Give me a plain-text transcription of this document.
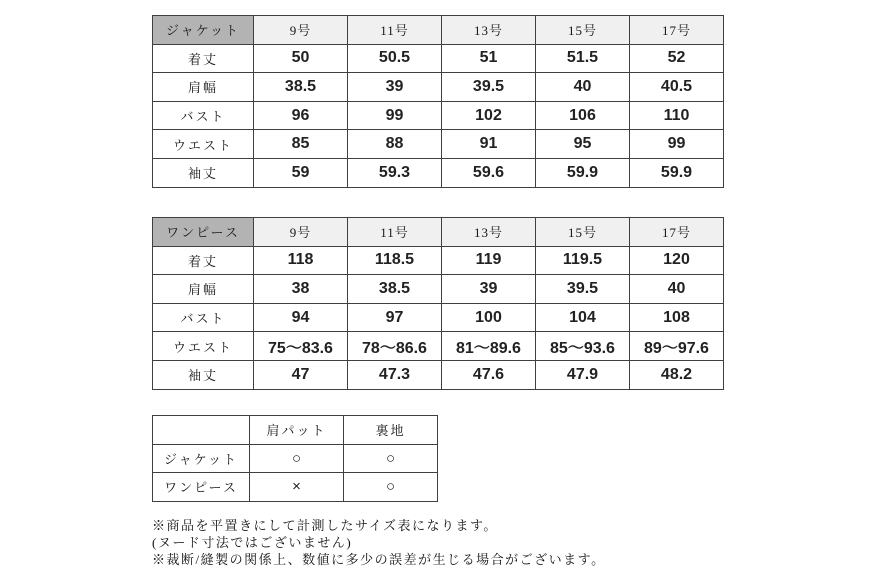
ジャケット	9号	11号	13号	15号	17号
着丈	50	50.5	51	51.5	52
肩幅	38.5	39	39.5	40	40.5
バスト	96	99	102	106	110
ウエスト	85	88	91	95	99
袖丈	59	59.3	59.6	59.9	59.9
ワンピース	9号	11号	13号	15号	17号
着丈	118	118.5	119	119.5	120
肩幅	38	38.5	39	39.5	40
バスト	94	97	100	104	108
ウエスト	75〜83.6	78〜86.6	81〜89.6	85〜93.6	89〜97.6
袖丈	47	47.3	47.6	47.9	48.2
	肩パット	裏地
ジャケット	○	○
ワンピース	×	○
※商品を平置きにして計測したサイズ表になります。
(ヌード寸法ではございません)
※裁断/縫製の関係上、数値に多少の誤差が生じる場合がございます。
